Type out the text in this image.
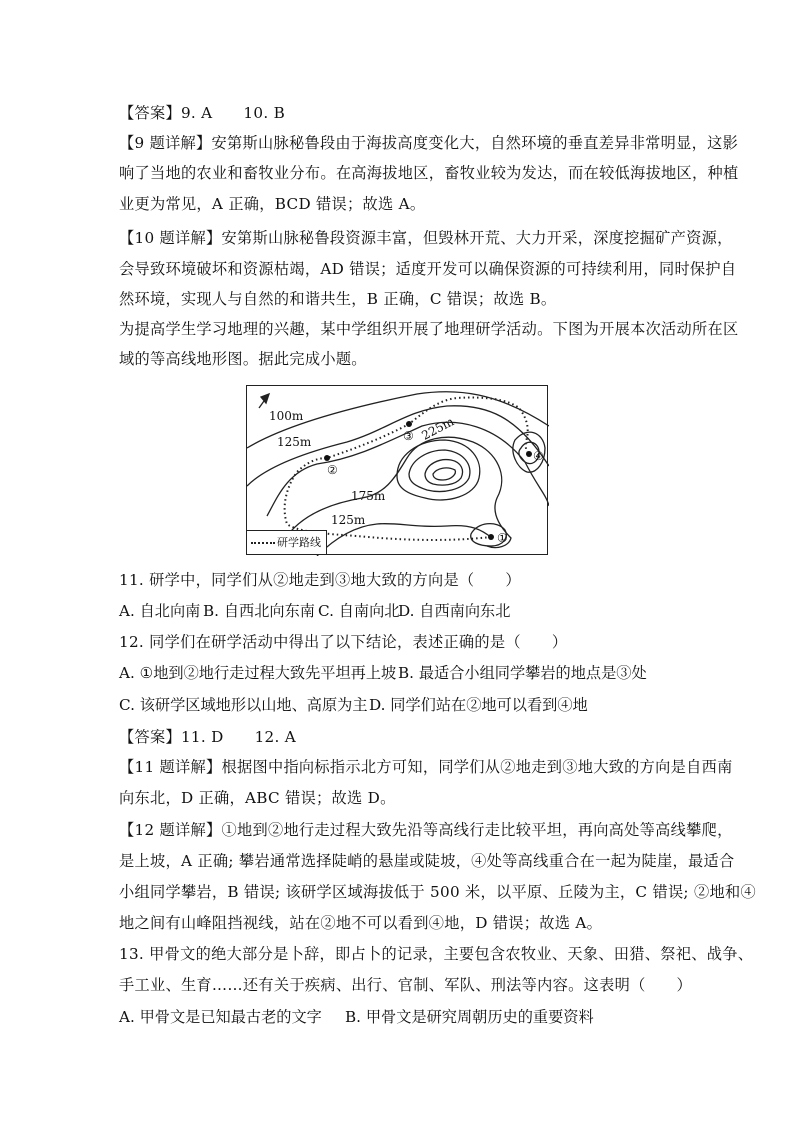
【答案】9. A　　10. B
【9 题详解】安第斯山脉秘鲁段由于海拔高度变化大，自然环境的垂直差异非常明显，这影
响了当地的农业和畜牧业分布。在高海拔地区，畜牧业较为发达，而在较低海拔地区，种植
业更为常见，A 正确，BCD 错误；故选 A。
【10 题详解】安第斯山脉秘鲁段资源丰富，但毁林开荒、大力开采，深度挖掘矿产资源，
会导致环境破坏和资源枯竭，AD 错误；适度开发可以确保资源的可持续利用，同时保护自
然环境，实现人与自然的和谐共生，B 正确，C 错误；故选 B。
为提高学生学习地理的兴趣，某中学组织开展了地理研学活动。下图为开展本次活动所在区
域的等高线地形图。据此完成小题。
100m
125m	225m
175m
125m
①
②
③
④
研学路线
11. 研学中，同学们从②地走到③地大致的方向是（　　）
A. 自北向南 B. 自西北向东南 C. 自南向北
D. 自西南向东北
12. 同学们在研学活动中得出了以下结论，表述正确的是（　　）
A. ①地到②地行走过程大致先平坦再上坡 B. 最适合小组同学攀岩的地点是③处
C. 该研学区域地形以山地、高原为主 D. 同学们站在②地可以看到④地
【答案】11. D　　12. A
【11 题详解】根据图中指向标指示北方可知，同学们从②地走到③地大致的方向是自西南
向东北，D 正确，ABC 错误；故选 D。
【12 题详解】①地到②地行走过程大致先沿等高线行走比较平坦，再向高处等高线攀爬，
是上坡，A 正确; 攀岩通常选择陡峭的悬崖或陡坡，④处等高线重合在一起为陡崖，最适合
小组同学攀岩，B 错误; 该研学区域海拔低于 500 米，以平原、丘陵为主，C 错误; ②地和④
地之间有山峰阻挡视线，站在②地不可以看到④地，D 错误；故选 A。
13. 甲骨文的绝大部分是卜辞，即占卜的记录，主要包含农牧业、天象、田猎、祭祀、战争、
手工业、生育……还有关于疾病、出行、官制、军队、刑法等内容。这表明（　　）
A. 甲骨文是已知最古老的文字 B. 甲骨文是研究周朝历史的重要资料
